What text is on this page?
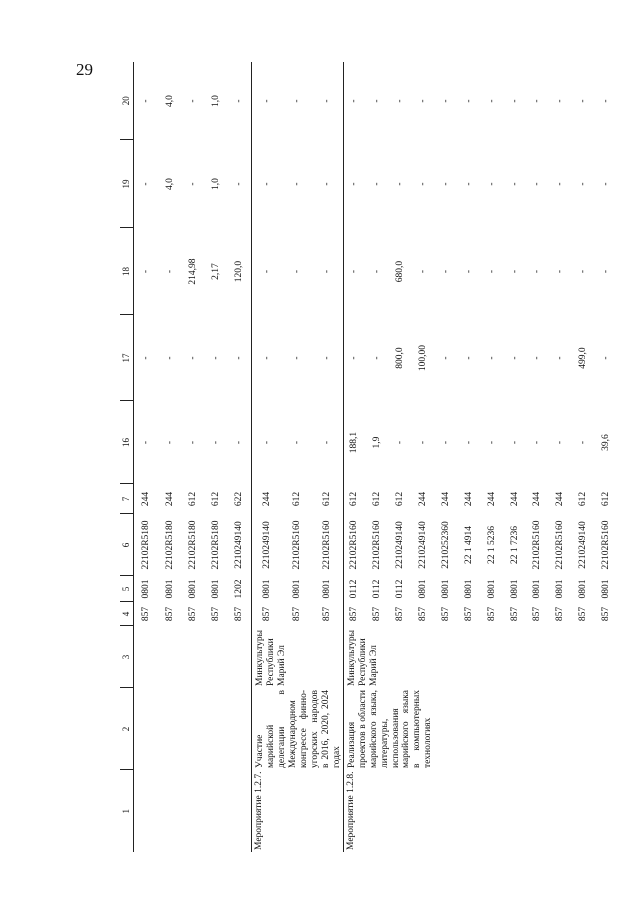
29
1	2	3	4	5	6	7	16	17	18	19	20
			857	0801	22102R5180	244	-	-	-	-	-
			857	0801	22102R5180	244	-	-	-	4,0	4,0
			857	0801	22102R5180	612	-	-	214,98	-	-
			857	0801	22102R5180	612	-	-	2,17	1,0	1,0
			857	1202	2210249140	622	-	-	120,0	-	-
Мероприятие 1.2.7.	Участие марийской делегации в Международном конгрессе финно-угорских народов в 2016, 2020, 2024 годах	Минкультуры Республики Марий Эл	857	0801	2210249140	244	-	-	-	-	-
			857	0801	22102R5160	612	-	-	-	-	-
			857	0801	22102R5160	612	-	-	-	-	-
Мероприятие 1.2.8.	Реализация проектов в области марийского языка, литературы, использования марийского языка в компьютерных технологиях	Минкультуры Республики Марий Эл	857	0112	22102R5160	612	188,1	-	-	-	-
			857	0112	22102R5160	612	1,9	-	-	-	-
			857	0112	2210249140	612	-	800,0	680,0	-	-
			857	0801	2210249140	244	-	100,00	-	-	-
			857	0801	2210252360	244	-	-	-	-	-
			857	0801	22 1 4914	244	-	-	-	-	-
			857	0801	22 1 5236	244	-	-	-	-	-
			857	0801	22 1 7236	244	-	-	-	-	-
			857	0801	22102R5160	244	-	-	-	-	-
			857	0801	22102R5160	244	-	-	-	-	-
			857	0801	2210249140	612	-	499,0	-	-	-
			857	0801	22102R5160	612	39,6	-	-	-	-
